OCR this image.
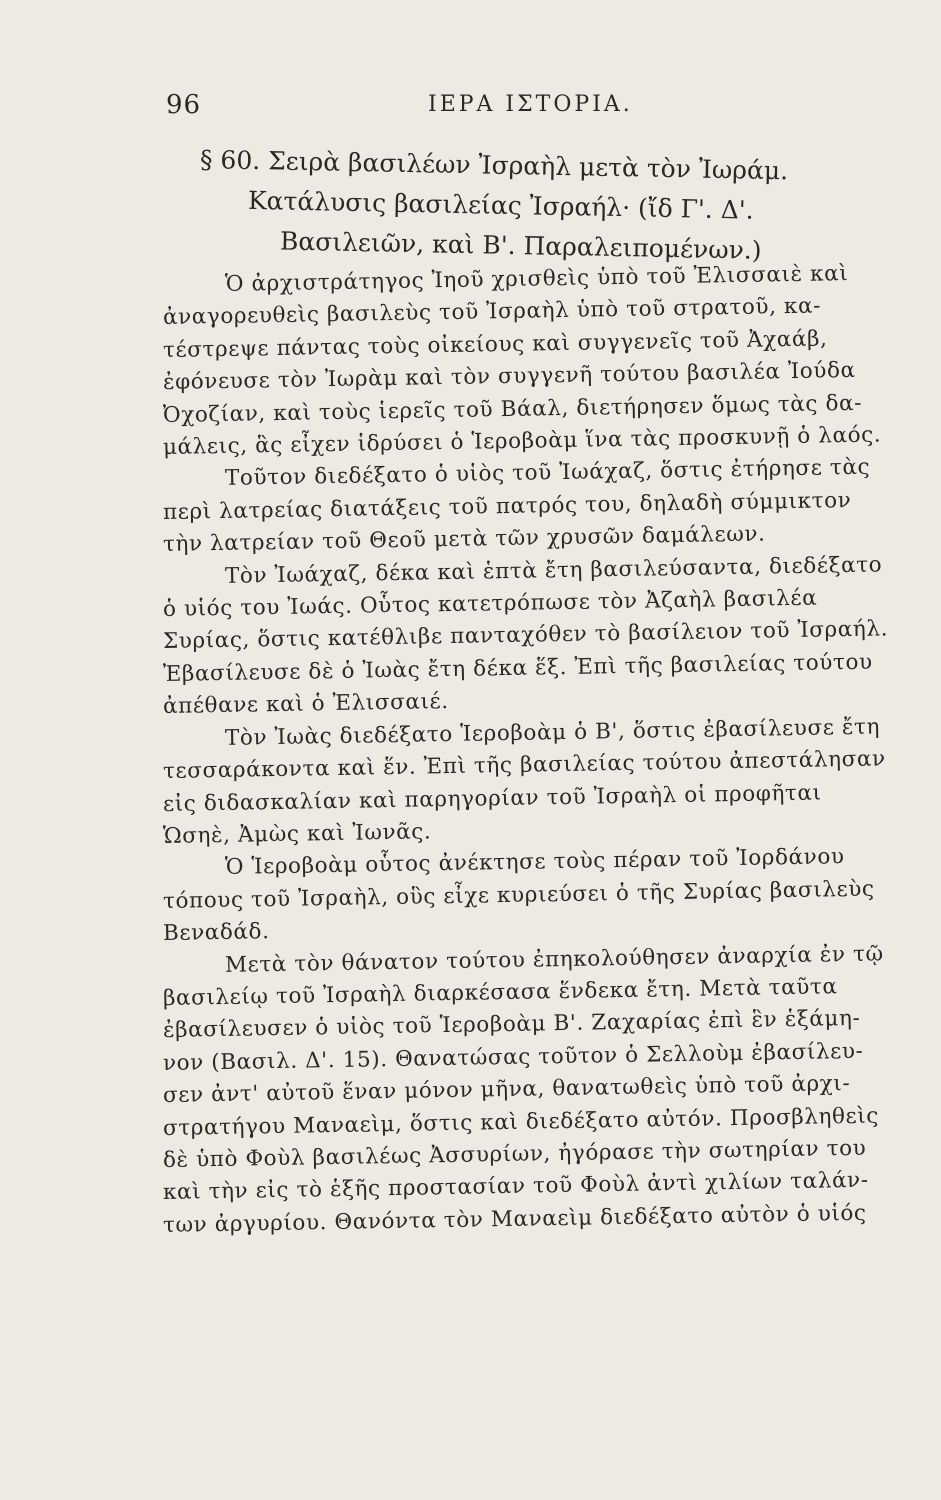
96	ΙΕΡΑ ΙΣΤΟΡΙΑ.
§ 60. Σειρὰ βασιλέων Ἰσραὴλ μετὰ τὸν Ἰωράμ.
Κατάλυσις βασιλείας Ἰσραήλ· (ἴδ Γ'. Δ'.
Βασιλειῶν, καὶ Β'. Παραλειπομένων.)
Ὁ ἀρχιστράτηγος Ἰηοῦ χρισθεὶς ὑπὸ τοῦ Ἐλισσαιὲ καὶ
ἀναγορευθεὶς βασιλεὺς τοῦ Ἰσραὴλ ὑπὸ τοῦ στρατοῦ, κα-
τέστρεψε πάντας τοὺς οἰκείους καὶ συγγενεῖς τοῦ Ἀχαάβ,
ἐφόνευσε τὸν Ἰωρὰμ καὶ τὸν συγγενῆ τούτου βασιλέα Ἰούδα
Ὀχοζίαν, καὶ τοὺς ἱερεῖς τοῦ Βάαλ, διετήρησεν ὅμως τὰς δα-
μάλεις, ἃς εἶχεν ἱδρύσει ὁ Ἱεροβοὰμ ἵνα τὰς προσκυνῇ ὁ λαός.
Τοῦτον διεδέξατο ὁ υἱὸς τοῦ Ἰωάχαζ, ὅστις ἐτήρησε τὰς
περὶ λατρείας διατάξεις τοῦ πατρός του, δηλαδὴ σύμμικτον
τὴν λατρείαν τοῦ Θεοῦ μετὰ τῶν χρυσῶν δαμάλεων.
Τὸν Ἰωάχαζ, δέκα καὶ ἑπτὰ ἔτη βασιλεύσαντα, διεδέξατο
ὁ υἱός του Ἰωάς. Οὗτος κατετρόπωσε τὸν Ἀζαὴλ βασιλέα
Συρίας, ὅστις κατέθλιβε πανταχόθεν τὸ βασίλειον τοῦ Ἰσραήλ.
Ἐβασίλευσε δὲ ὁ Ἰωὰς ἔτη δέκα ἕξ. Ἐπὶ τῆς βασιλείας τούτου
ἀπέθανε καὶ ὁ Ἐλισσαιέ.
Τὸν Ἰωὰς διεδέξατο Ἱεροβοὰμ ὁ Β', ὅστις ἐβασίλευσε ἔτη
τεσσαράκοντα καὶ ἕν. Ἐπὶ τῆς βασιλείας τούτου ἀπεστάλησαν
εἰς διδασκαλίαν καὶ παρηγορίαν τοῦ Ἰσραὴλ οἱ προφῆται
Ὡσηὲ, Ἀμὼς καὶ Ἰωνᾶς.
Ὁ Ἱεροβοὰμ οὗτος ἀνέκτησε τοὺς πέραν τοῦ Ἰορδάνου
τόπους τοῦ Ἰσραὴλ, οὓς εἶχε κυριεύσει ὁ τῆς Συρίας βασιλεὺς
Βεναδάδ.
Μετὰ τὸν θάνατον τούτου ἐπηκολούθησεν ἀναρχία ἐν τῷ
βασιλείῳ τοῦ Ἰσραὴλ διαρκέσασα ἕνδεκα ἔτη. Μετὰ ταῦτα
ἐβασίλευσεν ὁ υἱὸς τοῦ Ἱεροβοὰμ Β'. Ζαχαρίας ἐπὶ ἓν ἑξάμη-
νον (Βασιλ. Δ'. 15). Θανατώσας τοῦτον ὁ Σελλοὺμ ἐβασίλευ-
σεν ἀντ' αὐτοῦ ἕναν μόνον μῆνα, θανατωθεὶς ὑπὸ τοῦ ἀρχι-
στρατήγου Μαναεὶμ, ὅστις καὶ διεδέξατο αὐτόν. Προσβληθεὶς
δὲ ὑπὸ Φοὺλ βασιλέως Ἀσσυρίων, ἠγόρασε τὴν σωτηρίαν του
καὶ τὴν εἰς τὸ ἑξῆς προστασίαν τοῦ Φοὺλ ἀντὶ χιλίων ταλάν-
των ἀργυρίου. Θανόντα τὸν Μαναεὶμ διεδέξατο αὐτὸν ὁ υἱός
